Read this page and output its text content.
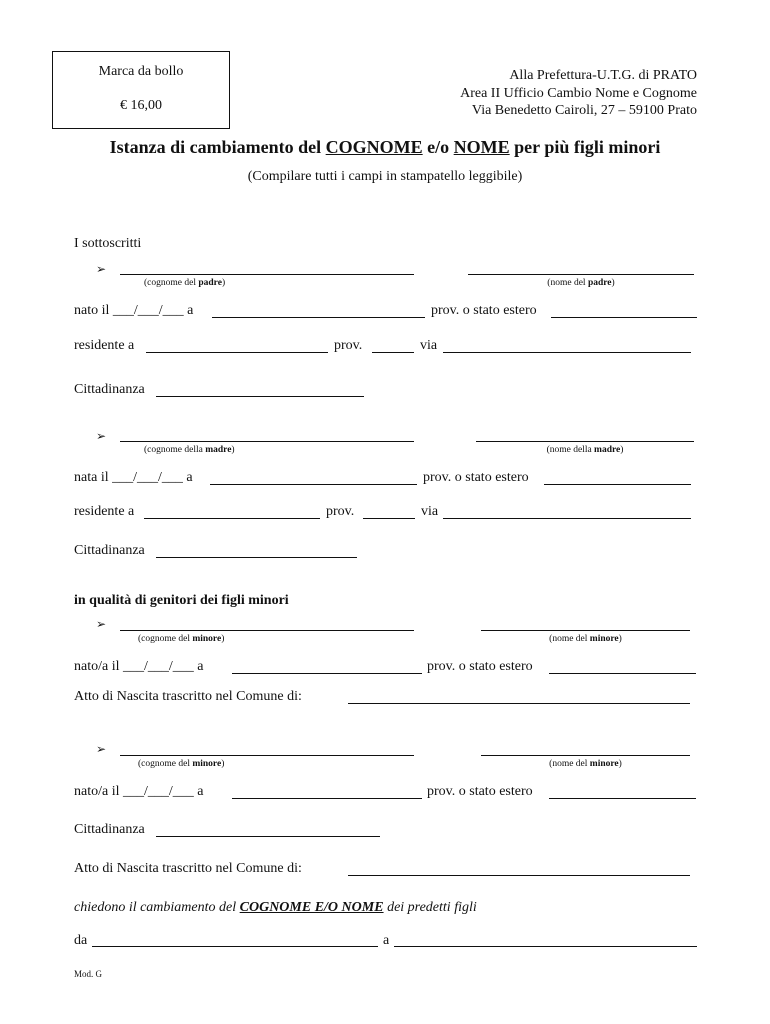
Marca da bollo
€ 16,00
Alla Prefettura-U.T.G. di PRATO
Area II Ufficio Cambio Nome e Cognome
Via Benedetto Cairoli, 27 – 59100 Prato
Istanza di cambiamento del COGNOME e/o NOME per più figli minori
(Compilare tutti i campi in stampatello leggibile)
I sottoscritti
➢
(cognome del padre)	(nome del padre)
nato il ___/___/___ a	prov. o stato estero
residente a	prov.	via
Cittadinanza
➢
(cognome della madre)	(nome della madre)
nata il ___/___/___ a	prov. o stato estero
residente a	prov.	via
Cittadinanza
in qualità di genitori dei figli minori
➢
(cognome del minore)	(nome del minore)
nato/a il ___/___/___ a	prov. o stato estero
Atto di Nascita trascritto nel Comune di:
➢
(cognome del minore)	(nome del minore)
nato/a il ___/___/___ a	prov. o stato estero
Cittadinanza
Atto di Nascita trascritto nel Comune di:
chiedono il cambiamento del COGNOME E/O NOME dei predetti figli
da	a
Mod. G
